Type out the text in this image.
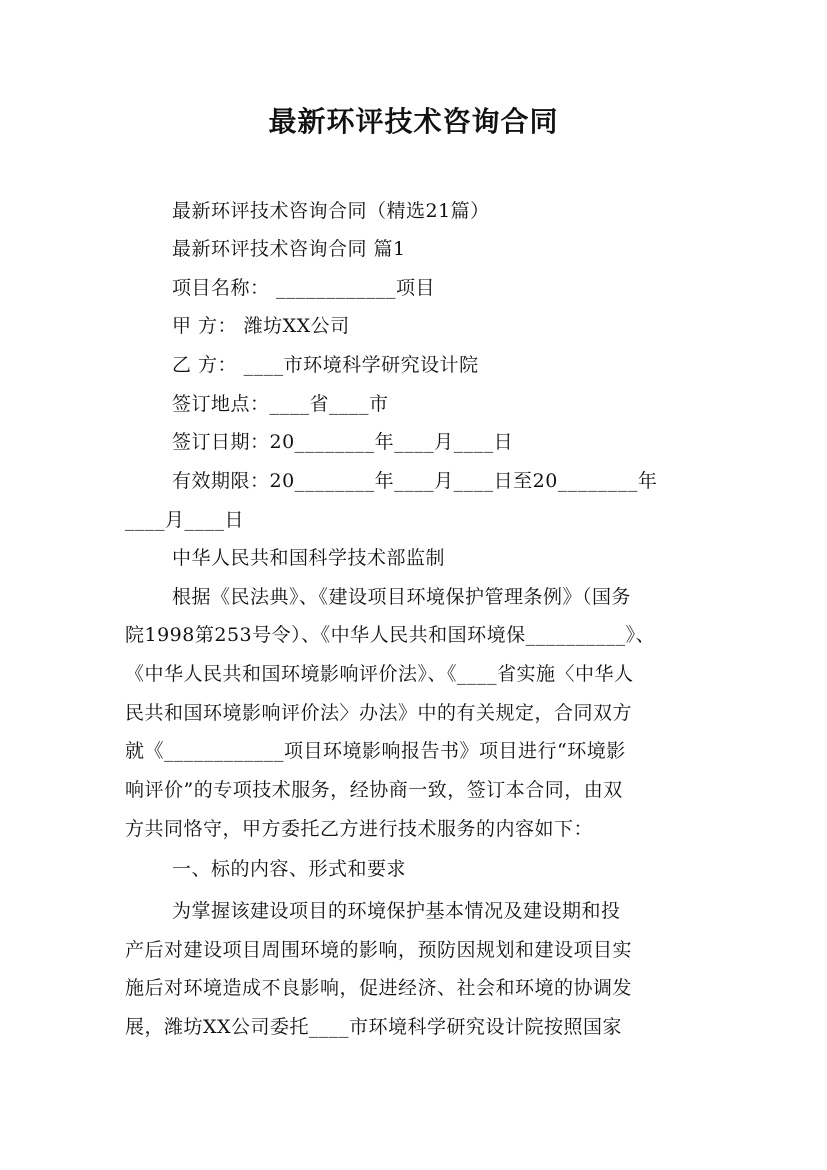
最新环评技术咨询合同
最新环评技术咨询合同（精选21篇）
最新环评技术咨询合同 篇1
项目名称： ____________项目
甲 方： 潍坊XX公司
乙 方： ____市环境科学研究设计院
签订地点：____省____市
签订日期：20________年____月____日
有效期限：20________年____月____日至20________年
____月____日
中华人民共和国科学技术部监制
根据《民法典》、《建设项目环境保护管理条例》（国务
院1998第253号令）、《中华人民共和国环境保__________》、
《中华人民共和国环境影响评价法》、《____省实施〈中华人
民共和国环境影响评价法〉办法》中的有关规定，合同双方
就《____________项目环境影响报告书》项目进行“环境影
响评价”的专项技术服务，经协商一致，签订本合同，由双
方共同恪守，甲方委托乙方进行技术服务的内容如下：
一、标的内容、形式和要求
为掌握该建设项目的环境保护基本情况及建设期和投
产后对建设项目周围环境的影响，预防因规划和建设项目实
施后对环境造成不良影响，促进经济、社会和环境的协调发
展，潍坊XX公司委托____市环境科学研究设计院按照国家
